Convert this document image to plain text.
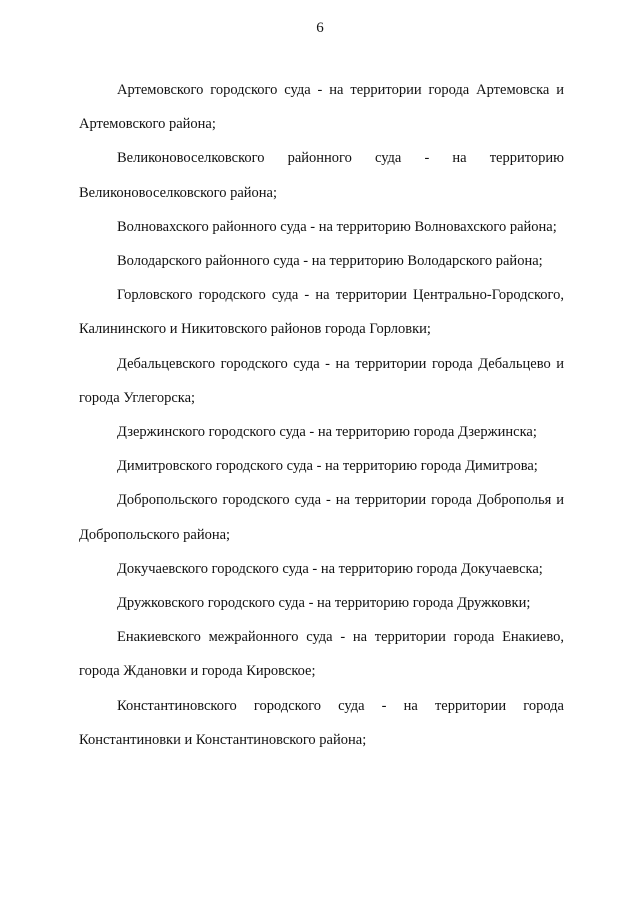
6

Артемовского городского суда - на территории города Артемовска и Артемовского района;

Великоновоселковского районного суда - на территорию Великоновоселковского района;

Волновахского районного суда - на территорию Волновахского района;

Володарского районного суда - на территорию Володарского района;

Горловского городского суда - на территории Центрально-Городского, Калининского и Никитовского районов города Горловки;

Дебальцевского городского суда - на территории города Дебальцево и города Углегорска;

Дзержинского городского суда - на территорию города Дзержинска;

Димитровского городского суда - на территорию города Димитрова;

Добропольского городского суда - на территории города Доброполья и Добропольского района;

Докучаевского городского суда - на территорию города Докучаевска;

Дружковского городского суда - на территорию города Дружковки;

Енакиевского межрайонного суда - на территории города Енакиево, города Ждановки и города Кировское;

Константиновского городского суда - на территории города Константиновки и Константиновского района;
